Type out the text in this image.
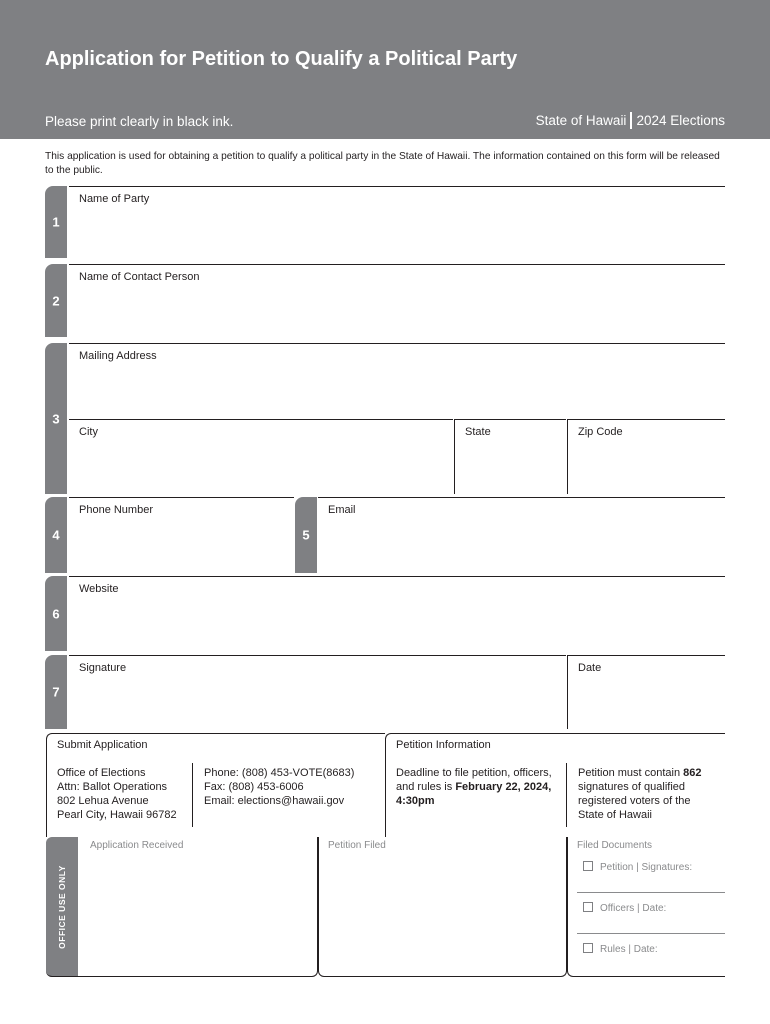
Application for Petition to Qualify a Political Party
Please print clearly in black ink.	State of Hawaii 2024 Elections
This application is used for obtaining a petition to qualify a political party in the State of Hawaii. The information contained on this form will be released to the public.
1
Name of Party
2
Name of Contact Person
3
Mailing Address
City	State	Zip Code
4
Phone Number
5
Email
6
Website
7
Signature	Date
Submit Application
Office of Elections
Attn: Ballot Operations
802 Lehua Avenue
Pearl City, Hawaii 96782
Phone: (808) 453-VOTE(8683)
Fax: (808) 453-6006
Email: elections@hawaii.gov
Petition Information
Deadline to file petition, officers, and rules is February 22, 2024, 4:30pm
Petition must contain 862 signatures of qualified registered voters of the State of Hawaii
OFFICE USE ONLY
Application Received	Petition Filed	Filed Documents
Petition | Signatures:
Officers | Date:
Rules | Date:
